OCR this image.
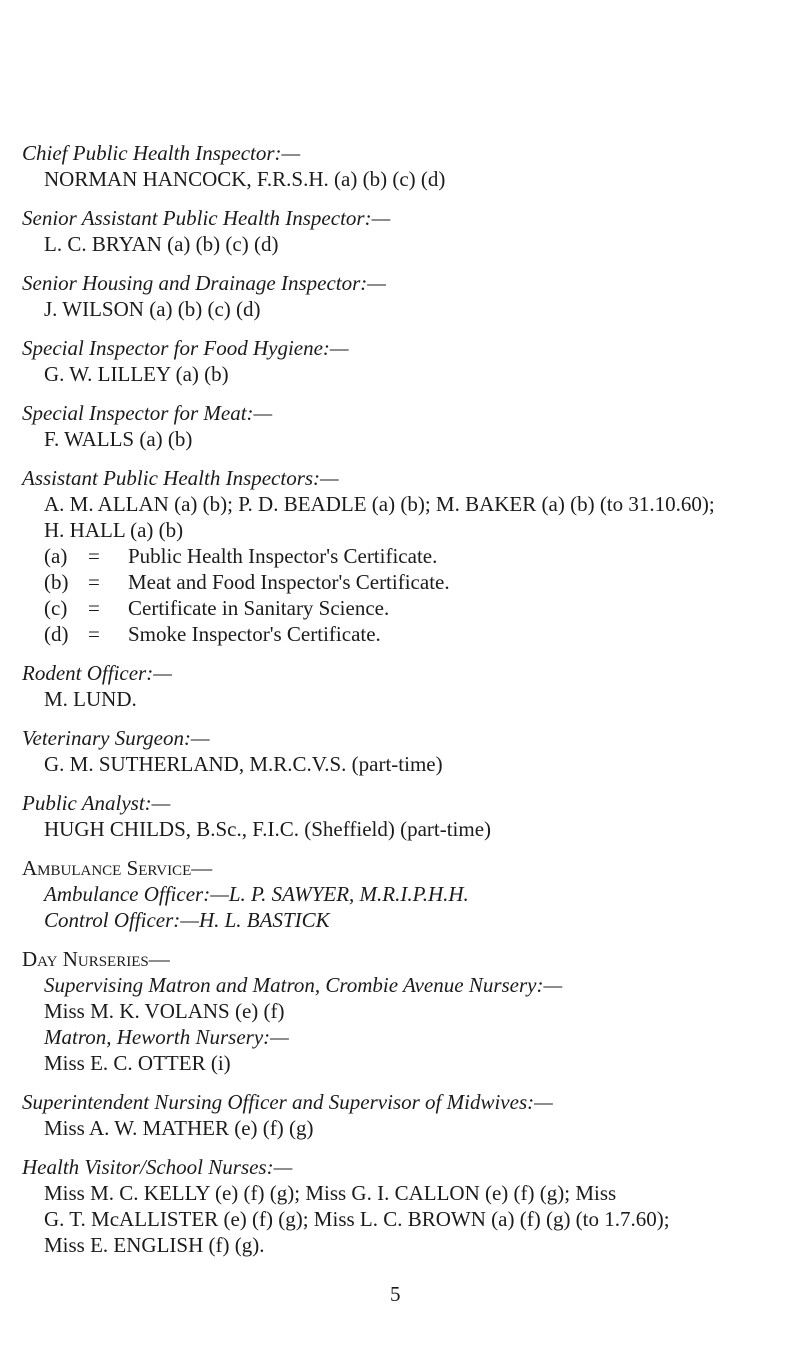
Chief Public Health Inspector:—
NORMAN HANCOCK, F.R.S.H. (a) (b) (c) (d)
Senior Assistant Public Health Inspector:—
L. C. BRYAN (a) (b) (c) (d)
Senior Housing and Drainage Inspector:—
J. WILSON (a) (b) (c) (d)
Special Inspector for Food Hygiene:—
G. W. LILLEY (a) (b)
Special Inspector for Meat:—
F. WALLS (a) (b)
Assistant Public Health Inspectors:—
A. M. ALLAN (a) (b); P. D. BEADLE (a) (b); M. BAKER (a) (b) (to 31.10.60);
H. HALL (a) (b)
(a) = Public Health Inspector's Certificate.
(b) = Meat and Food Inspector's Certificate.
(c) = Certificate in Sanitary Science.
(d) = Smoke Inspector's Certificate.
Rodent Officer:—
M. LUND.
Veterinary Surgeon:—
G. M. SUTHERLAND, M.R.C.V.S. (part-time)
Public Analyst:—
HUGH CHILDS, B.Sc., F.I.C. (Sheffield) (part-time)
Ambulance Service—
Ambulance Officer:—L. P. SAWYER, M.R.I.P.H.H.
Control Officer:—H. L. BASTICK
Day Nurseries—
Supervising Matron and Matron, Crombie Avenue Nursery:—
Miss M. K. VOLANS (e) (f)
Matron, Heworth Nursery:—
Miss E. C. OTTER (i)
Superintendent Nursing Officer and Supervisor of Midwives:—
Miss A. W. MATHER (e) (f) (g)
Health Visitor/School Nurses:—
Miss M. C. KELLY (e) (f) (g); Miss G. I. CALLON (e) (f) (g); Miss
G. T. McALLISTER (e) (f) (g); Miss L. C. BROWN (a) (f) (g) (to 1.7.60);
Miss E. ENGLISH (f) (g).
5
